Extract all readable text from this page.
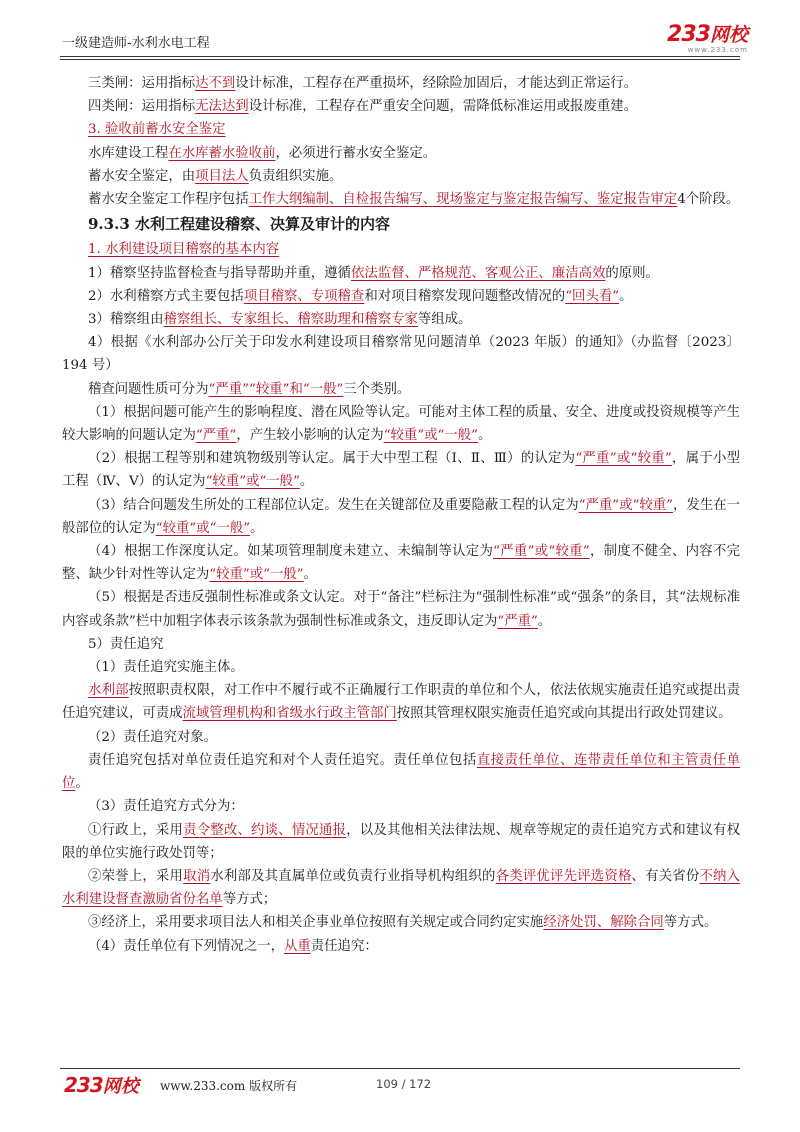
一级建造师-水利水电工程	233网校
www.233.com

三类闸：运用指标达不到设计标准，工程存在严重损坏，经除险加固后，才能达到正常运行。

四类闸：运用指标无法达到设计标准，工程存在严重安全问题，需降低标准运用或报废重建。

3. 验收前蓄水安全鉴定

水库建设工程在水库蓄水验收前，必须进行蓄水安全鉴定。

蓄水安全鉴定，由项目法人负责组织实施。

蓄水安全鉴定工作程序包括工作大纲编制、自检报告编写、现场鉴定与鉴定报告编写、鉴定报告审定4个阶段。

9.3.3 水利工程建设稽察、决算及审计的内容

1. 水利建设项目稽察的基本内容

1）稽察坚持监督检查与指导帮助并重，遵循依法监督、严格规范、客观公正、廉洁高效的原则。

2）水利稽察方式主要包括项目稽察、专项稽查和对项目稽察发现问题整改情况的“回头看”。

3）稽察组由稽察组长、专家组长、稽察助理和稽察专家等组成。

4）根据《水利部办公厅关于印发水利建设项目稽察常见问题清单（2023 年版）的通知》（办监督〔2023〕194 号）

稽查问题性质可分为“严重”“较重”和“一般”三个类别。

（1）根据问题可能产生的影响程度、潜在风险等认定。可能对主体工程的质量、安全、进度或投资规模等产生较大影响的问题认定为“严重”，产生较小影响的认定为“较重”或“一般”。

（2）根据工程等别和建筑物级别等认定。属于大中型工程（Ⅰ、Ⅱ、Ⅲ）的认定为“严重”或“较重”，属于小型工程（Ⅳ、Ⅴ）的认定为“较重”或“一般”。

（3）结合问题发生所处的工程部位认定。发生在关键部位及重要隐蔽工程的认定为“严重”或“较重”，发生在一般部位的认定为“较重”或“一般”。

（4）根据工作深度认定。如某项管理制度未建立、未编制等认定为“严重”或“较重”，制度不健全、内容不完整、缺少针对性等认定为“较重”或“一般”。

（5）根据是否违反强制性标准或条文认定。对于“备注”栏标注为“强制性标准”或“强条”的条目，其“法规标准内容或条款”栏中加粗字体表示该条款为强制性标准或条文，违反即认定为“严重”。

5）责任追究

（1）责任追究实施主体。

水利部按照职责权限，对工作中不履行或不正确履行工作职责的单位和个人，依法依规实施责任追究或提出责任追究建议，可责成流域管理机构和省级水行政主管部门按照其管理权限实施责任追究或向其提出行政处罚建议。

（2）责任追究对象。

责任追究包括对单位责任追究和对个人责任追究。责任单位包括直接责任单位、连带责任单位和主管责任单位。

（3）责任追究方式分为：

①行政上，采用责令整改、约谈、情况通报，以及其他相关法律法规、规章等规定的责任追究方式和建议有权限的单位实施行政处罚等；

②荣誉上，采用取消水利部及其直属单位或负责行业指导机构组织的各类评优评先评选资格、有关省份不纳入水利建设督查激励省份名单等方式；

③经济上，采用要求项目法人和相关企事业单位按照有关规定或合同约定实施经济处罚、解除合同等方式。

（4）责任单位有下列情况之一，从重责任追究：

233网校 www.233.com 版权所有	109 / 172
